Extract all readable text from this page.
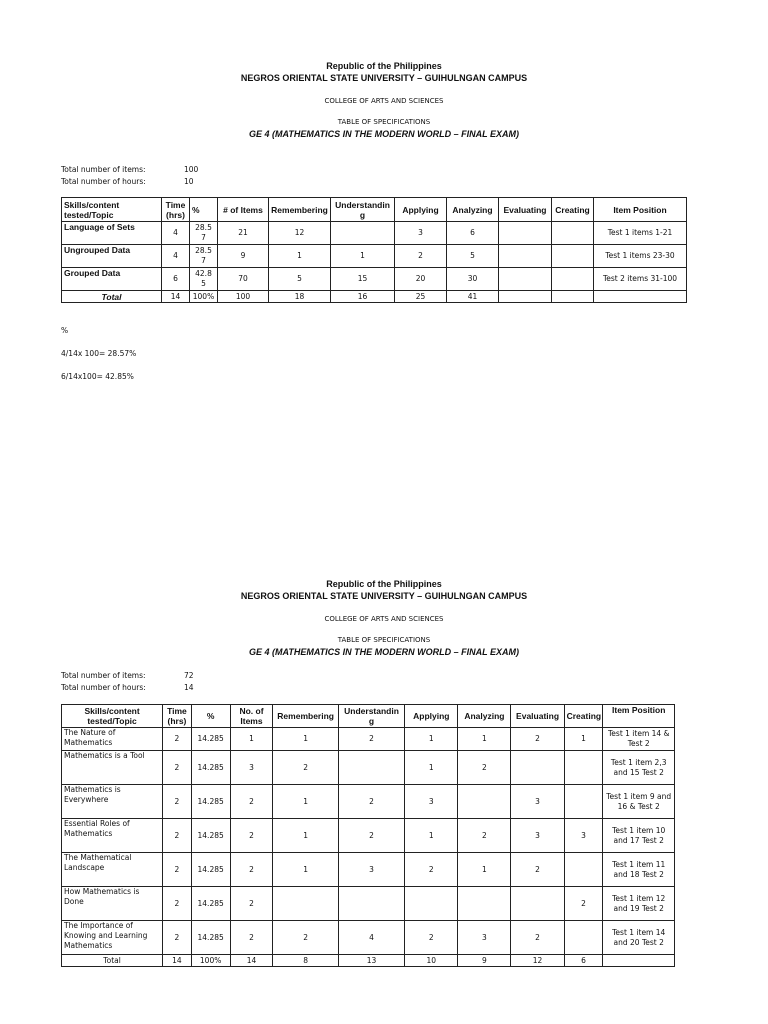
Republic of the Philippines
NEGROS ORIENTAL STATE UNIVERSITY – GUIHULNGAN CAMPUS
COLLEGE OF ARTS AND SCIENCES
TABLE OF SPECIFICATIONS
GE 4 (MATHEMATICS IN THE MODERN WORLD – FINAL EXAM)
Total number of items:	100
Total number of hours:	10
Skills/content tested/Topic	Time (hrs)	%	# of Items	Remembering	Understandin g	Applying	Analyzing	Evaluating	Creating	Item Position
Language of Sets	4	28.5 7	21	12		3	6			Test 1 items 1-21
Ungrouped Data	4	28.5 7	9	1	1	2	5			Test 1 items 23-30
Grouped Data	6	42.8 5	70	5	15	20	30			Test 2 items 31-100
Total	14	100%	100	18	16	25	41			
%
4/14x 100= 28.57%
6/14x100= 42.85%
Republic of the Philippines
NEGROS ORIENTAL STATE UNIVERSITY – GUIHULNGAN CAMPUS
COLLEGE OF ARTS AND SCIENCES
TABLE OF SPECIFICATIONS
GE 4 (MATHEMATICS IN THE MODERN WORLD – FINAL EXAM)
Total number of items:	72
Total number of hours:	14
Skills/content tested/Topic	Time (hrs)	%	No. of Items	Remembering	Understandin g	Applying	Analyzing	Evaluating	Creating	Item Position
The Nature of Mathematics	2	14.285	1	1	2	1	1	2	1	Test 1 item 14 & Test 2
Mathematics is a Tool	2	14.285	3	2		1	2			Test 1 item 2,3 and 15 Test 2
Mathematics is Everywhere	2	14.285	2	1	2	3		3		Test 1 item 9 and 16 & Test 2
Essential Roles of Mathematics	2	14.285	2	1	2	1	2	3	3	Test 1 item 10 and 17 Test 2
The Mathematical Landscape	2	14.285	2	1	3	2	1	2		Test 1 item 11 and 18 Test 2
How Mathematics is Done	2	14.285	2						2	Test 1 item 12 and 19 Test 2
The Importance of Knowing and Learning Mathematics	2	14.285	2	2	4	2	3	2		Test 1 item 14 and 20 Test 2
Total	14	100%	14	8	13	10	9	12	6	
